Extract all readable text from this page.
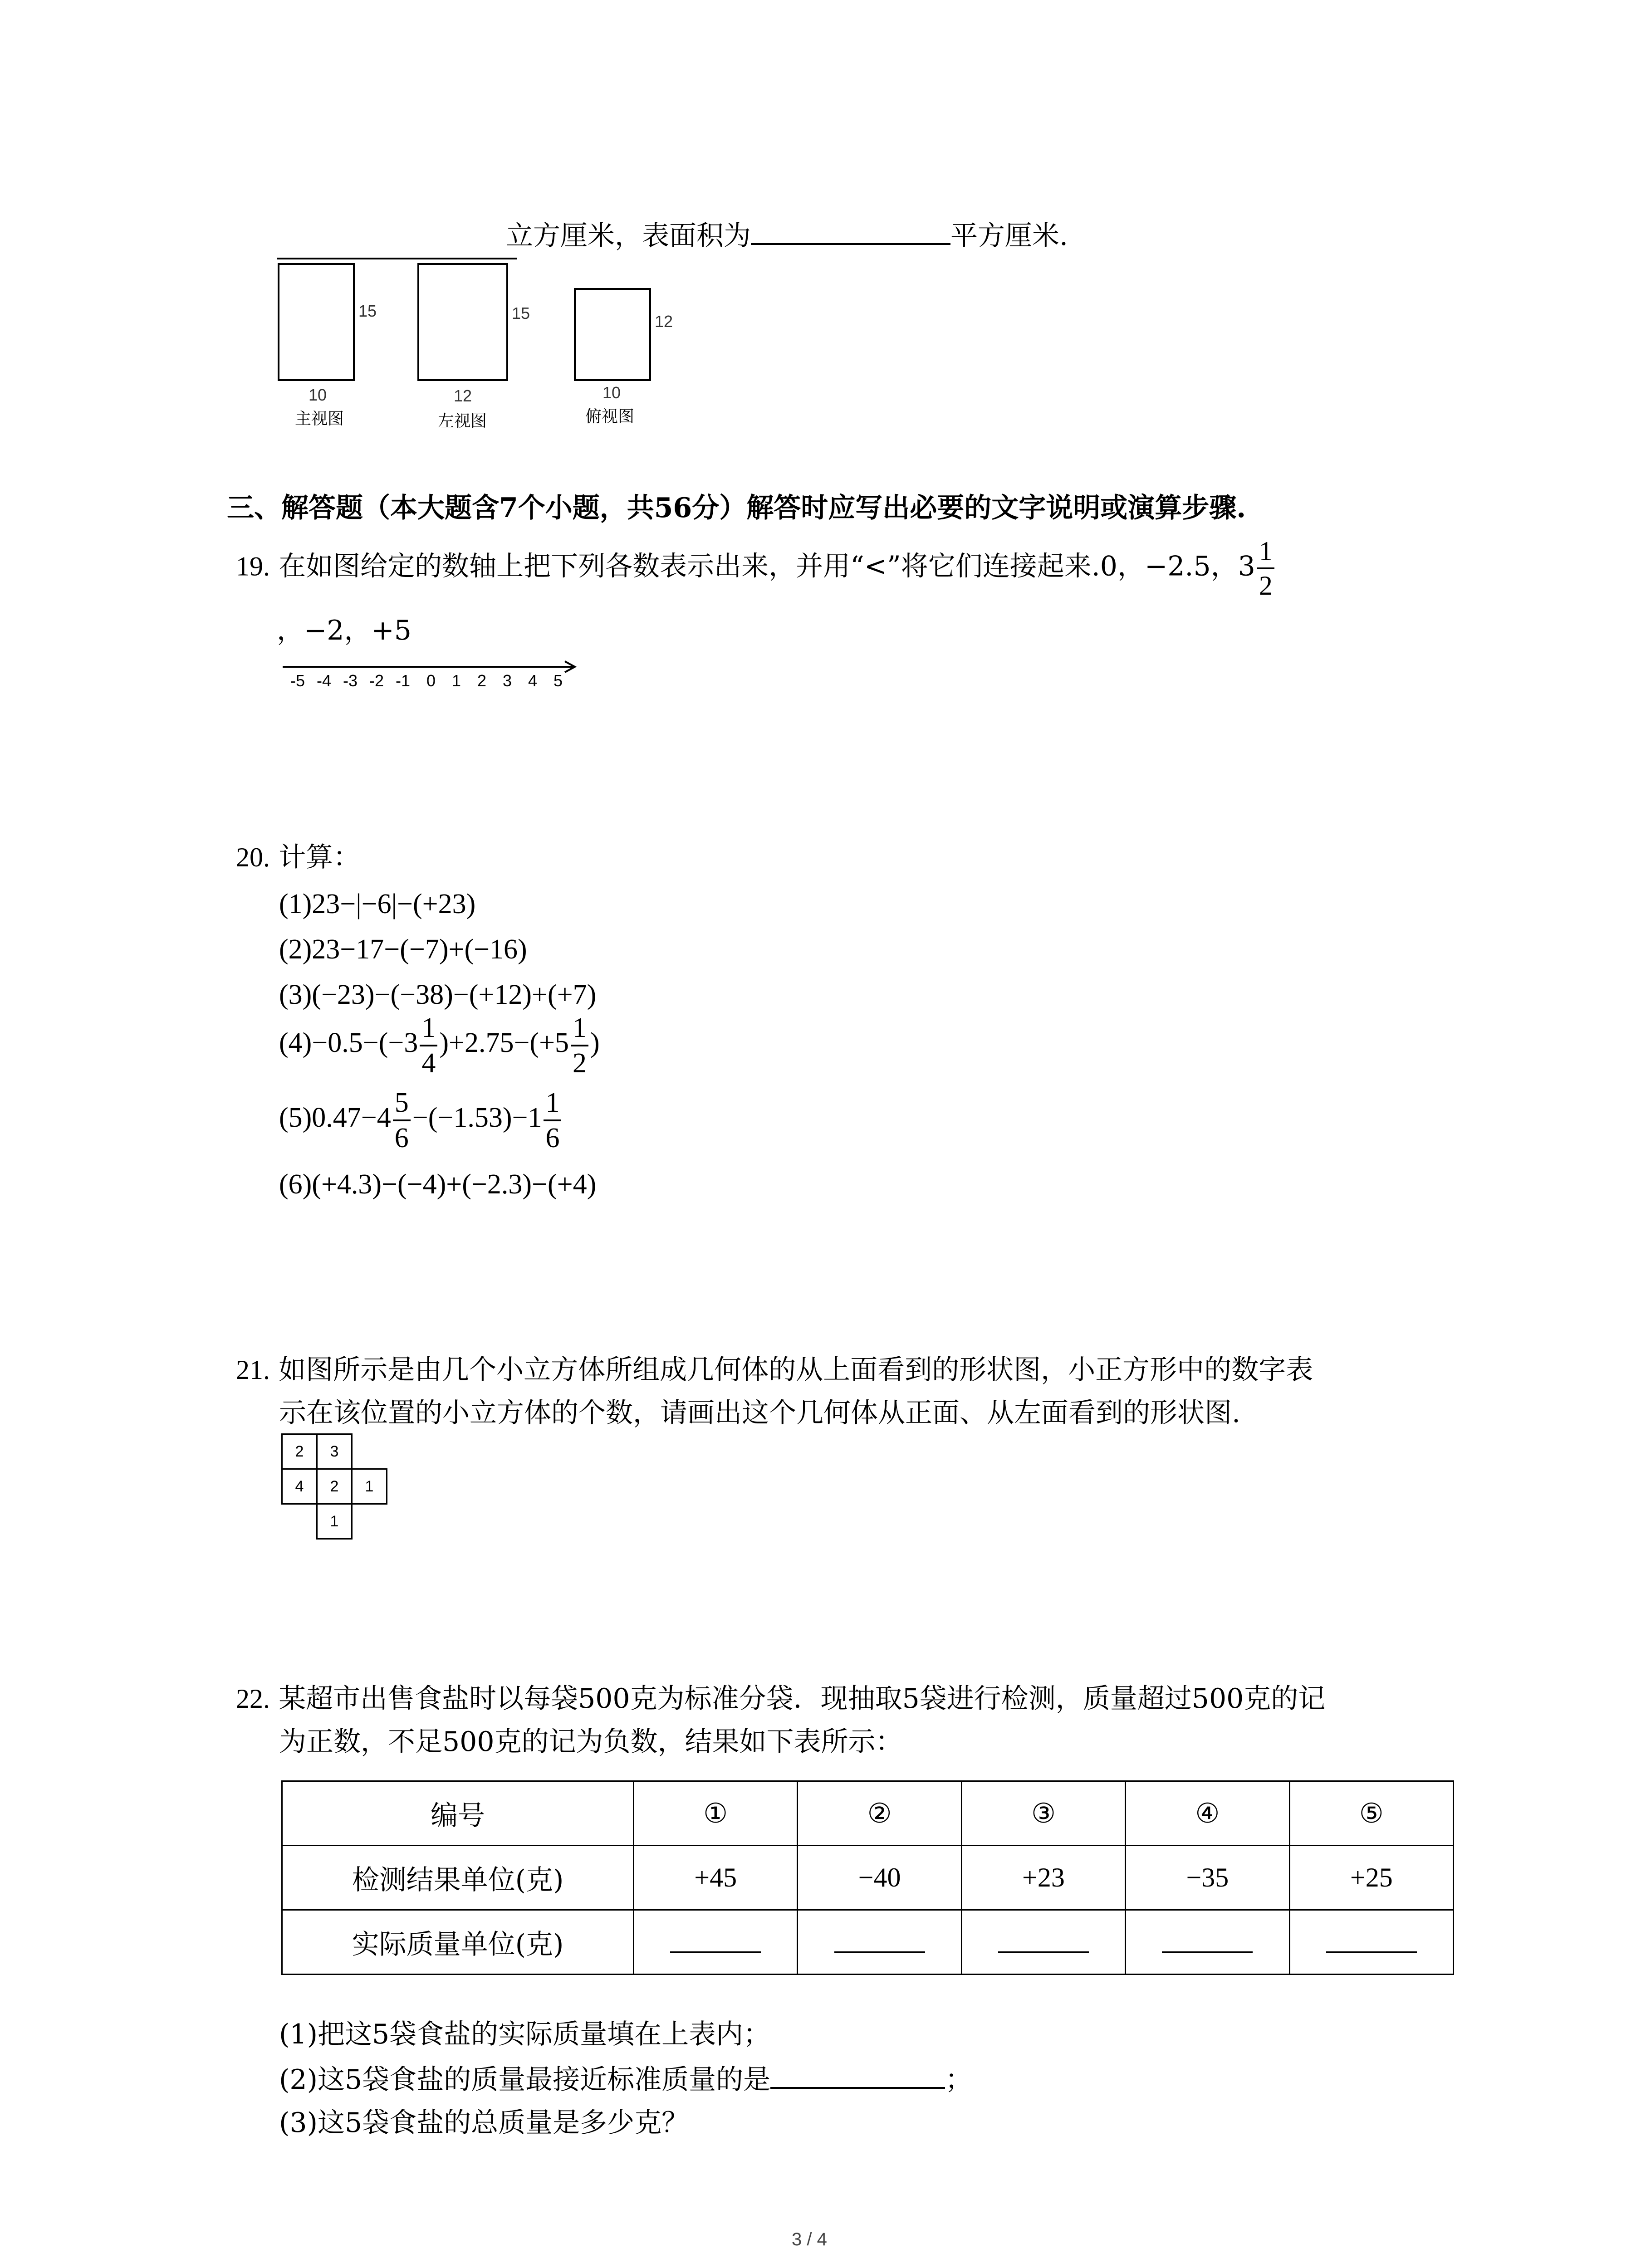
立方厘米，表面积为	平方厘米.
15
10
主视图
15
12
左视图
12
10
俯视图
三、解答题（本大题含7个小题，共56分）解答时应写出必要的文字说明或演算步骤.
19. 在如图给定的数轴上把下列各数表示出来，并用“<”将它们连接起来.0，−2.5，$3 \frac{1}{2}$
，−2，+5
-5 -4 -3 -2 -1 0 1 2 3 4 5
20. 计算：
(1)23−|−6|−(+23)
(2)23−17−(−7)+(−16)
(3)(−23)−(−38)−(+12)+(+7)
$(4)-0.5-(-3 \frac{1}{4} )+2.75-(+5 \frac{1}{2}$ )
$(5)0.47-4 \frac{5}{6} -(-1.53)-1 \frac{1}{6}$
(6)(+4.3)−(−4)+(−2.3)−(+4)
21. 如图所示是由几个小立方体所组成几何体的从上面看到的形状图，小正方形中的数字表
示在该位置的小立方体的个数，请画出这个几何体从正面、从左面看到的形状图.
2	3
4	2	1
1
22. 某超市出售食盐时以每袋500克为标准分袋．现抽取5袋进行检测，质量超过500克的记
为正数，不足500克的记为负数，结果如下表所示：
编号	①	②	③	④	⑤
检测结果单位(克)	+45	−40	+23	−35	+25
实际质量单位(克)					
(1)把这5袋食盐的实际质量填在上表内；
(2)这5袋食盐的质量最接近标准质量的是	；
(3)这5袋食盐的总质量是多少克？
3 / 4
